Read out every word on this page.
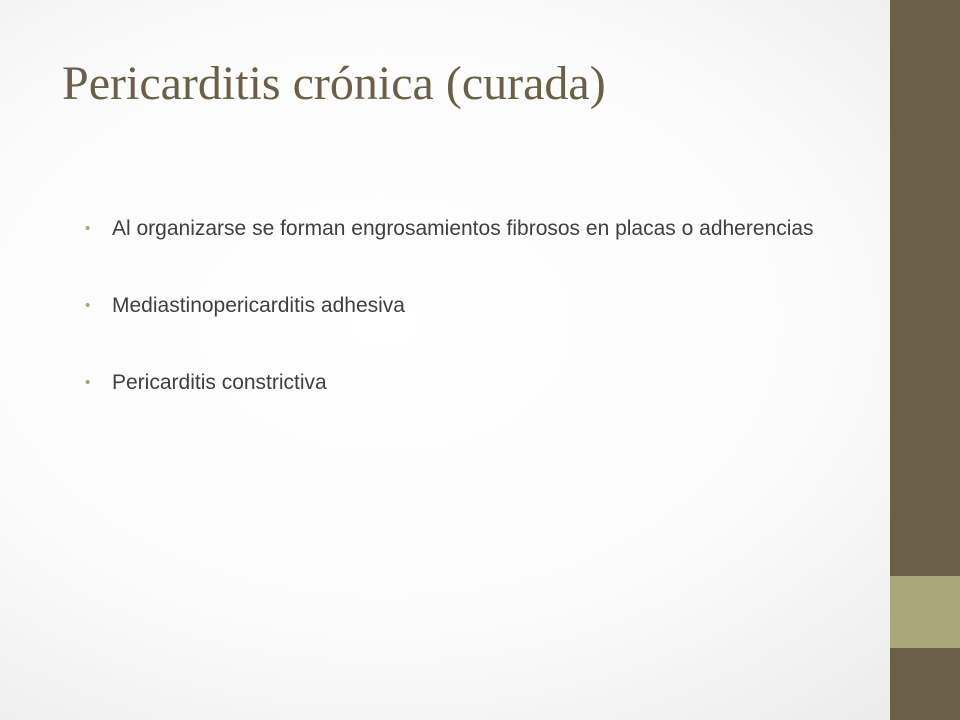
Pericarditis crónica (curada)
• Al organizarse se forman engrosamientos fibrosos en placas o adherencias
• Mediastinopericarditis adhesiva
• Pericarditis constrictiva
